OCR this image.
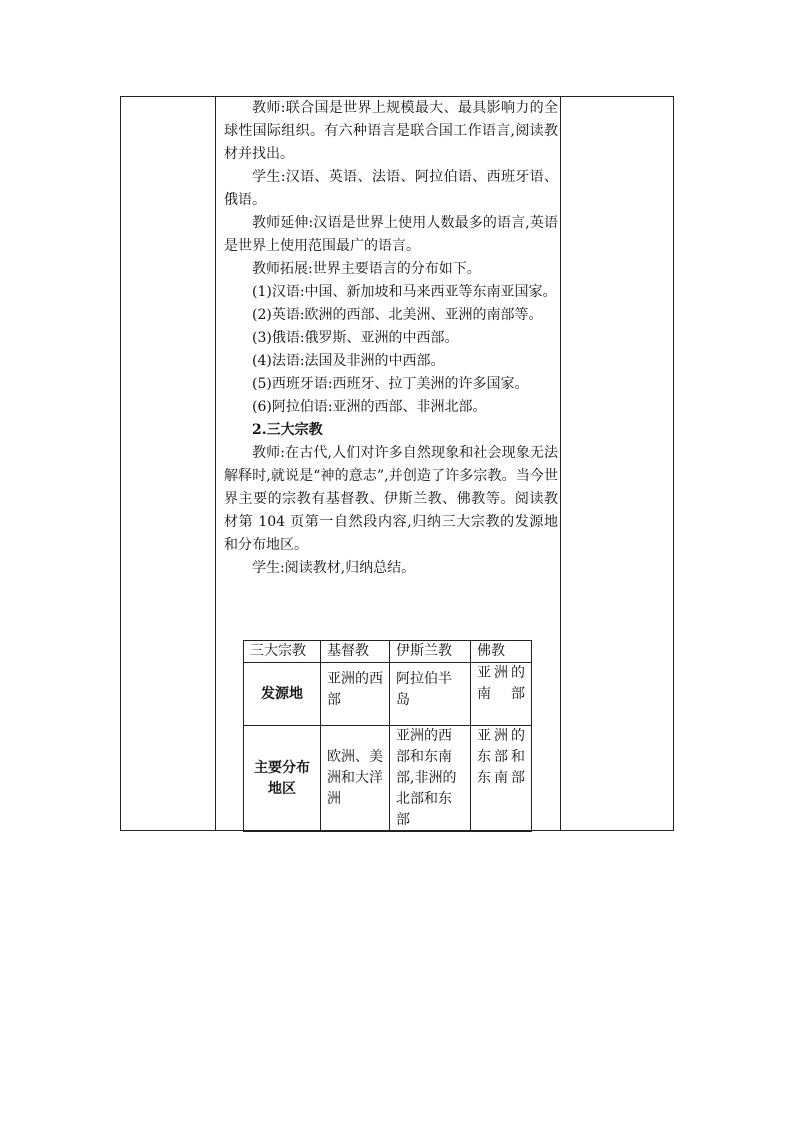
教师:联合国是世界上规模最大、最具影响力的全球性国际组织。有六种语言是联合国工作语言,阅读教材并找出。

学生:汉语、英语、法语、阿拉伯语、西班牙语、俄语。

教师延伸:汉语是世界上使用人数最多的语言,英语是世界上使用范围最广的语言。

教师拓展:世界主要语言的分布如下。

(1)汉语:中国、新加坡和马来西亚等东南亚国家。

(2)英语:欧洲的西部、北美洲、亚洲的南部等。

(3)俄语:俄罗斯、亚洲的中西部。

(4)法语:法国及非洲的中西部。

(5)西班牙语:西班牙、拉丁美洲的许多国家。

(6)阿拉伯语:亚洲的西部、非洲北部。

2.三大宗教

教师:在古代,人们对许多自然现象和社会现象无法解释时,就说是“神的意志”,并创造了许多宗教。当今世界主要的宗教有基督教、伊斯兰教、佛教等。阅读教材第 104 页第一自然段内容,归纳三大宗教的发源地和分布地区。

学生:阅读教材,归纳总结。

三大宗教	基督教	伊斯兰教	佛教
发源地	亚洲的西部	阿拉伯半岛	亚洲的南部
主要分布地区	欧洲、美洲和大洋洲	亚洲的西部和东南部,非洲的北部和东部	亚洲的东部和东南部
